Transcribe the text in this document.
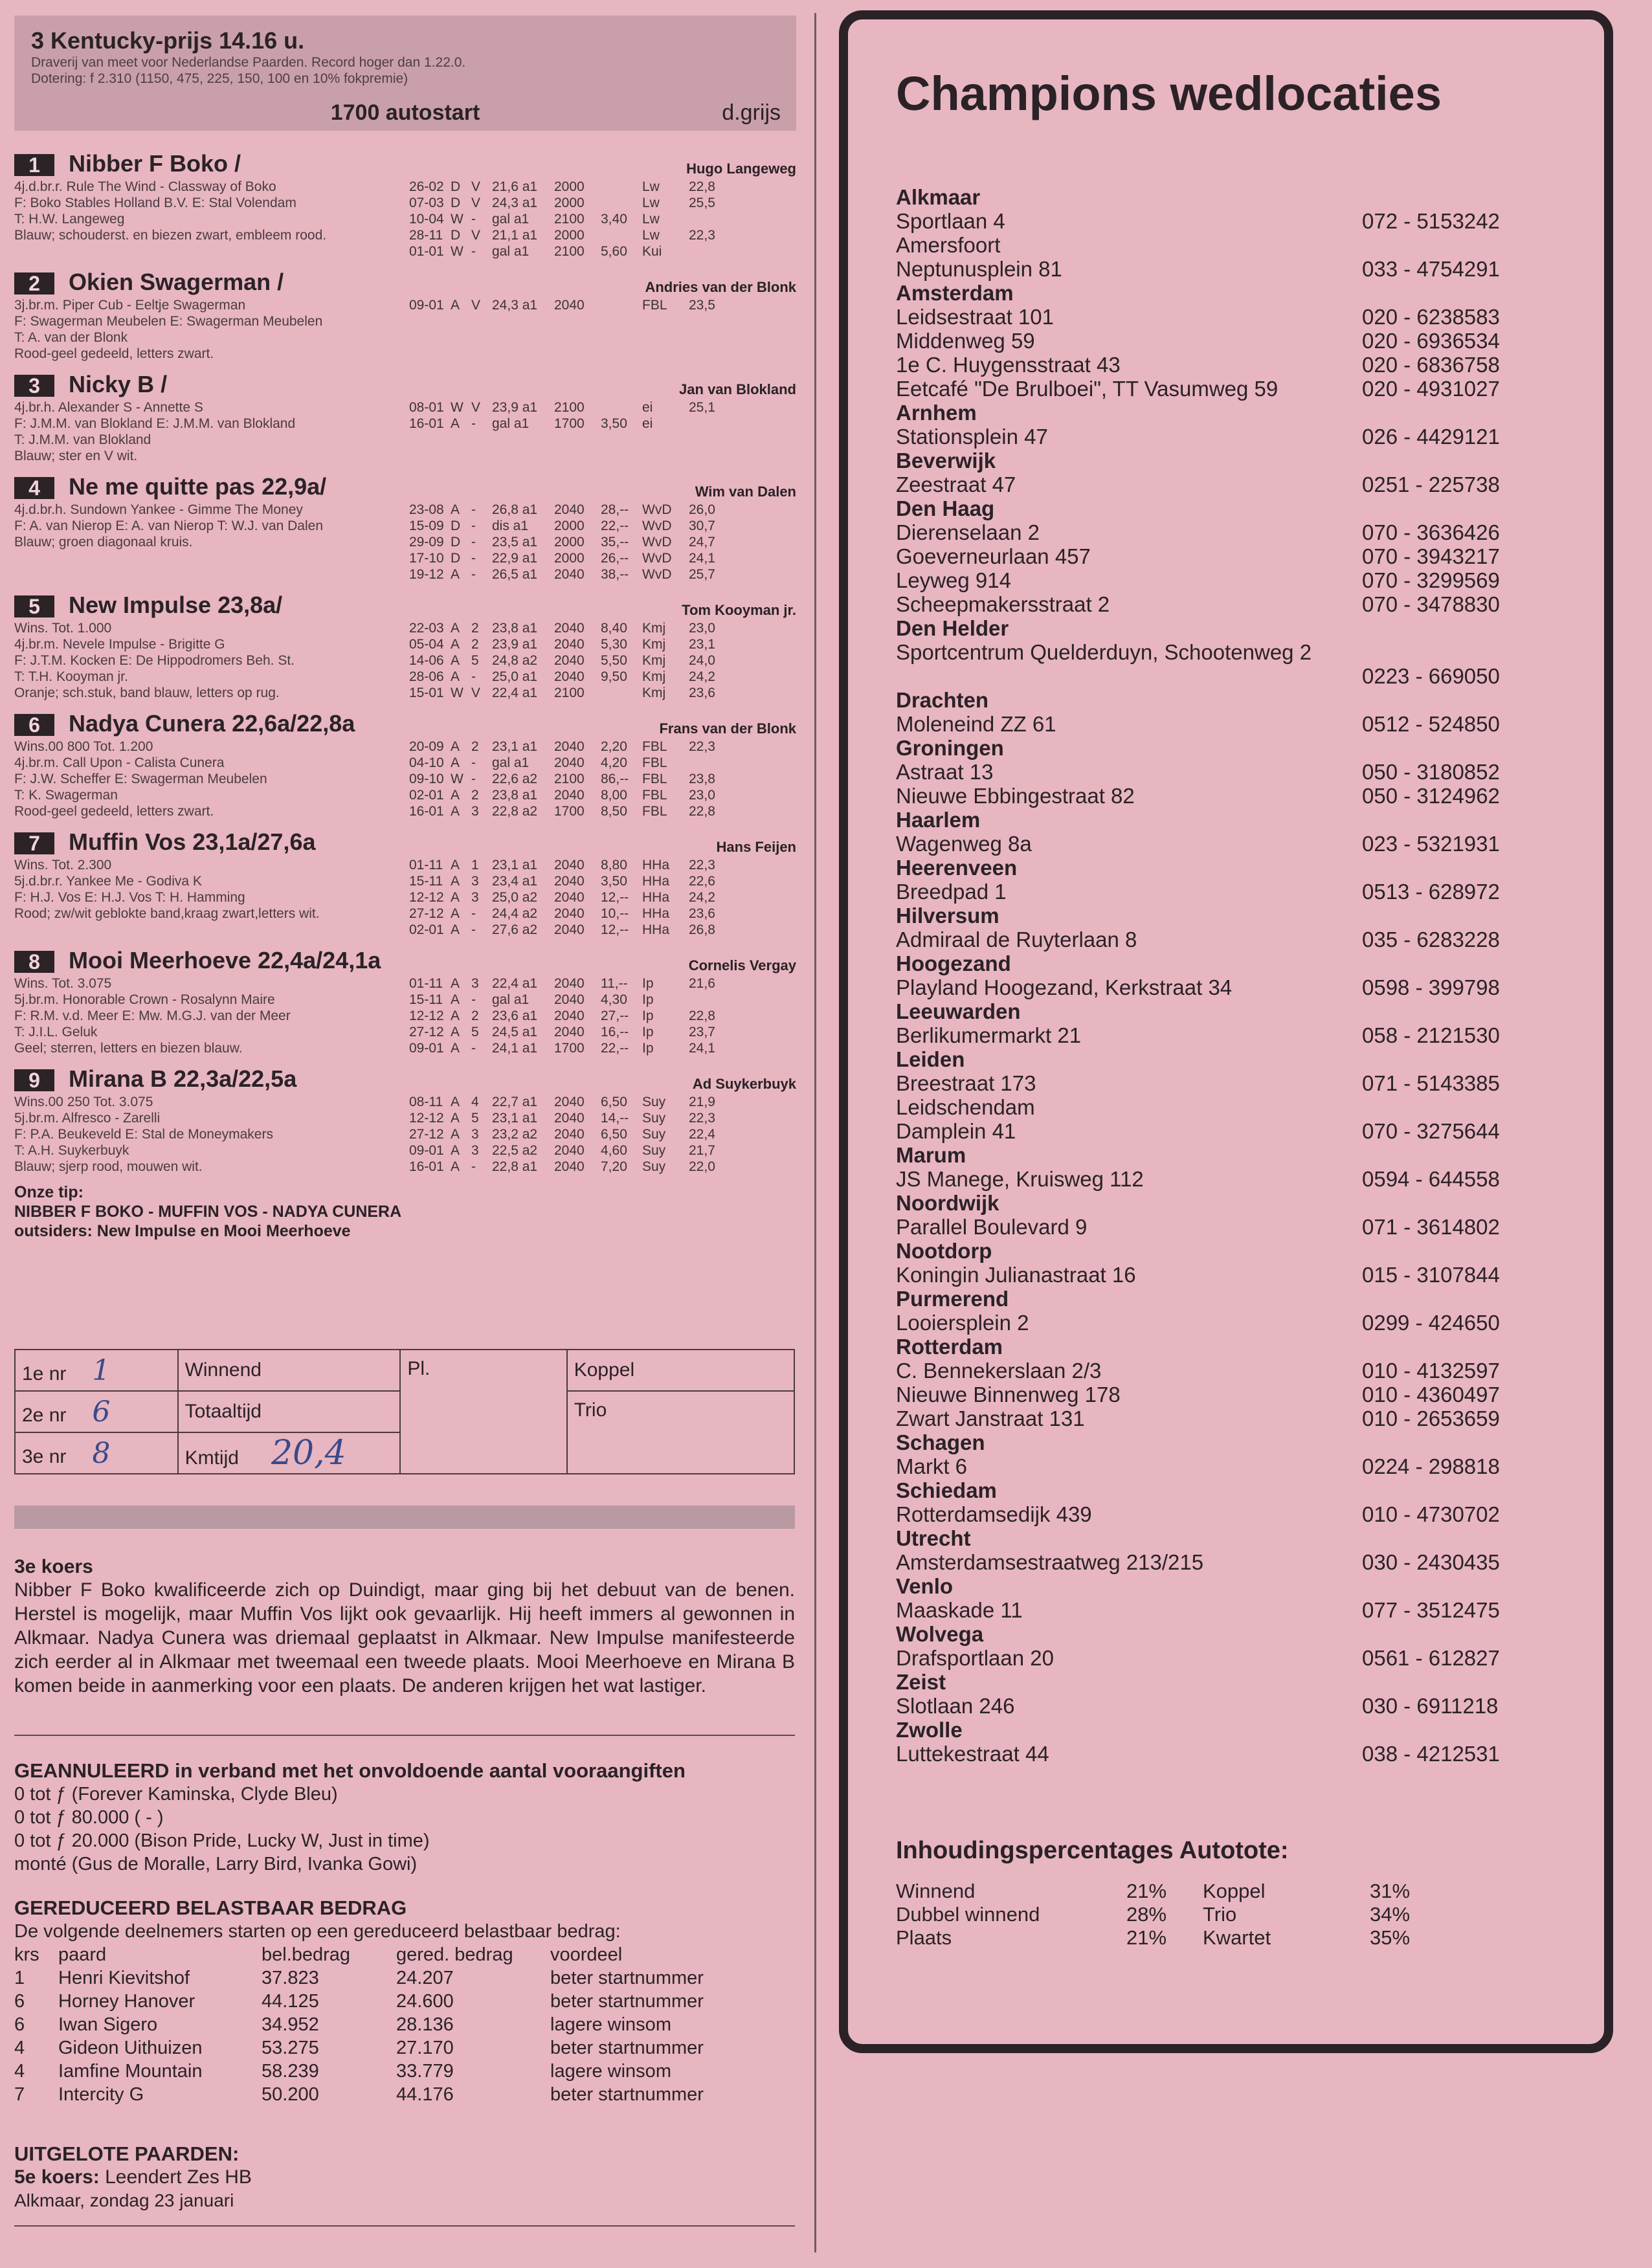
3 Kentucky-prijs 14.16 u.
Draverij van meet voor Nederlandse Paarden. Record hoger dan 1.22.0.
Dotering: f 2.310 (1150, 475, 225, 150, 100 en 10% fokpremie)
1700 autostart	d.grijs
1	Nibber F Boko /	Hugo Langeweg
4j.d.br.r. Rule The Wind - Classway of Boko
F: Boko Stables Holland B.V. E: Stal Volendam
T: H.W. Langeweg
Blauw; schouderst. en biezen zwart, embleem rood.
26-02 D V 21,6 a1	2000	Lw	22,8
07-03 D V 24,3 a1	2000	Lw	25,5
10-04 W -	gal a1	2100	3,40	Lw
28-11 D V 21,1 a1	2000	Lw	22,3
01-01 W -	gal a1	2100	5,60	Kui
2	Okien Swagerman /	Andries van der Blonk
3j.br.m. Piper Cub - Eeltje Swagerman
F: Swagerman Meubelen E: Swagerman Meubelen
T: A. van der Blonk
Rood-geel gedeeld, letters zwart.
09-01 A V 24,3 a1	2040	FBL	23,5
3	Nicky B /	Jan van Blokland
4j.br.h. Alexander S - Annette S
F: J.M.M. van Blokland E: J.M.M. van Blokland
T: J.M.M. van Blokland
Blauw; ster en V wit.
08-01 W V 23,9 a1	2100	ei	25,1
16-01 A -	gal a1	1700	3,50	ei
4	Ne me quitte pas 22,9a/	Wim van Dalen
4j.d.br.h. Sundown Yankee - Gimme The Money
F: A. van Nierop E: A. van Nierop T: W.J. van Dalen
Blauw; groen diagonaal kruis.
23-08 A -	26,8 a1	2040	28,-- WvD	26,0
15-09 D -	dis a1	2000	22,-- WvD	30,7
29-09 D -	23,5 a1	2000	35,-- WvD	24,7
17-10 D -	22,9 a1	2000	26,-- WvD	24,1
19-12 A -	26,5 a1	2040	38,-- WvD	25,7
5	New Impulse 23,8a/	Tom Kooyman jr.
Wins. Tot. 1.000
4j.br.m. Nevele Impulse - Brigitte G
F: J.T.M. Kocken E: De Hippodromers Beh. St.
T: T.H. Kooyman jr.
Oranje; sch.stuk, band blauw, letters op rug.
22-03 A 2 23,8 a1	2040	8,40	Kmj	23,0
05-04 A 2 23,9 a1	2040	5,30	Kmj	23,1
14-06 A 5 24,8 a2	2040	5,50	Kmj	24,0
28-06 A -	25,0 a1	2040	9,50	Kmj	24,2
15-01 W V 22,4 a1	2100	Kmj	23,6
6	Nadya Cunera 22,6a/22,8a	Frans van der Blonk
Wins.00 800 Tot. 1.200
4j.br.m. Call Upon - Calista Cunera
F: J.W. Scheffer E: Swagerman Meubelen
T: K. Swagerman
Rood-geel gedeeld, letters zwart.
20-09 A 2 23,1 a1	2040	2,20	FBL	22,3
04-10 A -	gal a1	2040	4,20	FBL
09-10 W -	22,6 a2	2100	86,-- FBL	23,8
02-01 A 2 23,8 a1	2040	8,00	FBL	23,0
16-01 A 3 22,8 a2	1700	8,50	FBL	22,8
7	Muffin Vos 23,1a/27,6a	Hans Feijen
Wins. Tot. 2.300
5j.d.br.r. Yankee Me - Godiva K
F: H.J. Vos E: H.J. Vos T: H. Hamming
Rood; zw/wit geblokte band,kraag zwart,letters wit.
01-11 A 1 23,1 a1	2040	8,80	HHa	22,3
15-11 A 3 23,4 a1	2040	3,50	HHa	22,6
12-12 A 3 25,0 a2	2040	12,-- HHa	24,2
27-12 A -	24,4 a2	2040	10,-- HHa	23,6
02-01 A -	27,6 a2	2040	12,-- HHa	26,8
8	Mooi Meerhoeve 22,4a/24,1a	Cornelis Vergay
Wins. Tot. 3.075
5j.br.m. Honorable Crown - Rosalynn Maire
F: R.M. v.d. Meer E: Mw. M.G.J. van der Meer
T: J.I.L. Geluk
Geel; sterren, letters en biezen blauw.
01-11 A 3 22,4 a1	2040	11,--	Ip	21,6
15-11 A -	gal a1	2040	4,30	Ip
12-12 A 2 23,6 a1	2040	27,-- Ip	22,8
27-12 A 5 24,5 a1	2040	16,-- Ip	23,7
09-01 A -	24,1 a1	1700	22,-- Ip	24,1
9	Mirana B 22,3a/22,5a	Ad Suykerbuyk
Wins.00 250 Tot. 3.075
5j.br.m. Alfresco - Zarelli
F: P.A. Beukeveld E: Stal de Moneymakers
T: A.H. Suykerbuyk
Blauw; sjerp rood, mouwen wit.
08-11 A 4 22,7 a1	2040	6,50	Suy	21,9
12-12 A 5 23,1 a1	2040	14,-- Suy	22,3
27-12 A 3 23,2 a2	2040	6,50	Suy	22,4
09-01 A 3 22,5 a2	2040	4,60	Suy	21,7
16-01 A -	22,8 a1	2040	7,20	Suy	22,0
Onze tip:
NIBBER F BOKO - MUFFIN VOS - NADYA CUNERA
outsiders: New Impulse en Mooi Meerhoeve
1e nr 1	Winnend	Pl.	Koppel
2e nr 6	Totaaltijd		Trio
3e nr 8	Kmtijd 20,4		
3e koers
Nibber F Boko kwalificeerde zich op Duindigt, maar ging bij het debuut van de benen. Herstel is mogelijk, maar Muffin Vos lijkt ook gevaarlijk. Hij heeft immers al gewonnen in Alkmaar. Nadya Cunera was driemaal geplaatst in Alkmaar. New Impulse manifesteerde zich eerder al in Alkmaar met tweemaal een tweede plaats. Mooi Meerhoeve en Mirana B komen beide in aanmerking voor een plaats. De anderen krijgen het wat lastiger.
GEANNULEERD in verband met het onvoldoende aantal vooraangiften
0 tot ƒ (Forever Kaminska, Clyde Bleu)
0 tot ƒ 80.000 ( - )
0 tot ƒ 20.000 (Bison Pride, Lucky W, Just in time)
monté (Gus de Moralle, Larry Bird, Ivanka Gowi)
GEREDUCEERD BELASTBAAR BEDRAG
De volgende deelnemers starten op een gereduceerd belastbaar bedrag:
krs	paard	bel.bedrag	gered. bedrag	voordeel
1	Henri Kievitshof	37.823	24.207	beter startnummer
6	Horney Hanover	44.125	24.600	beter startnummer
6	Iwan Sigero	34.952	28.136	lagere winsom
4	Gideon Uithuizen	53.275	27.170	beter startnummer
4	Iamfine Mountain	58.239	33.779	lagere winsom
7	Intercity G	50.200	44.176	beter startnummer
UITGELOTE PAARDEN:
5e koers: Leendert Zes HB
Alkmaar, zondag 23 januari
Champions wedlocaties
Alkmaar
Sportlaan 4	072 - 5153242
Amersfoort
Neptunusplein 81	033 - 4754291
Amsterdam
Leidsestraat 101	020 - 6238583
Middenweg 59	020 - 6936534
1e C. Huygensstraat 43	020 - 6836758
Eetcafé "De Brulboei", TT Vasumweg 59	020 - 4931027
Arnhem
Stationsplein 47	026 - 4429121
Beverwijk
Zeestraat 47	0251 - 225738
Den Haag
Dierenselaan 2	070 - 3636426
Goeverneurlaan 457	070 - 3943217
Leyweg 914	070 - 3299569
Scheepmakersstraat 2	070 - 3478830
Den Helder
Sportcentrum Quelderduyn, Schootenweg 2
0223 - 669050
Drachten
Moleneind ZZ 61	0512 - 524850
Groningen
Astraat 13	050 - 3180852
Nieuwe Ebbingestraat 82	050 - 3124962
Haarlem
Wagenweg 8a	023 - 5321931
Heerenveen
Breedpad 1	0513 - 628972
Hilversum
Admiraal de Ruyterlaan 8	035 - 6283228
Hoogezand
Playland Hoogezand, Kerkstraat 34	0598 - 399798
Leeuwarden
Berlikumermarkt 21	058 - 2121530
Leiden
Breestraat 173	071 - 5143385
Leidschendam
Damplein 41	070 - 3275644
Marum
JS Manege, Kruisweg 112	0594 - 644558
Noordwijk
Parallel Boulevard 9	071 - 3614802
Nootdorp
Koningin Julianastraat 16	015 - 3107844
Purmerend
Looiersplein 2	0299 - 424650
Rotterdam
C. Bennekerslaan 2/3	010 - 4132597
Nieuwe Binnenweg 178	010 - 4360497
Zwart Janstraat 131	010 - 2653659
Schagen
Markt 6	0224 - 298818
Schiedam
Rotterdamsedijk 439	010 - 4730702
Utrecht
Amsterdamsestraatweg 213/215	030 - 2430435
Venlo
Maaskade 11	077 - 3512475
Wolvega
Drafsportlaan 20	0561 - 612827
Zeist
Slotlaan 246	030 - 6911218
Zwolle
Luttekestraat 44	038 - 4212531
Inhoudingspercentages Autotote:
Winnend	21%	Koppel	31%
Dubbel winnend	28%	Trio	34%
Plaats	21%	Kwartet	35%
